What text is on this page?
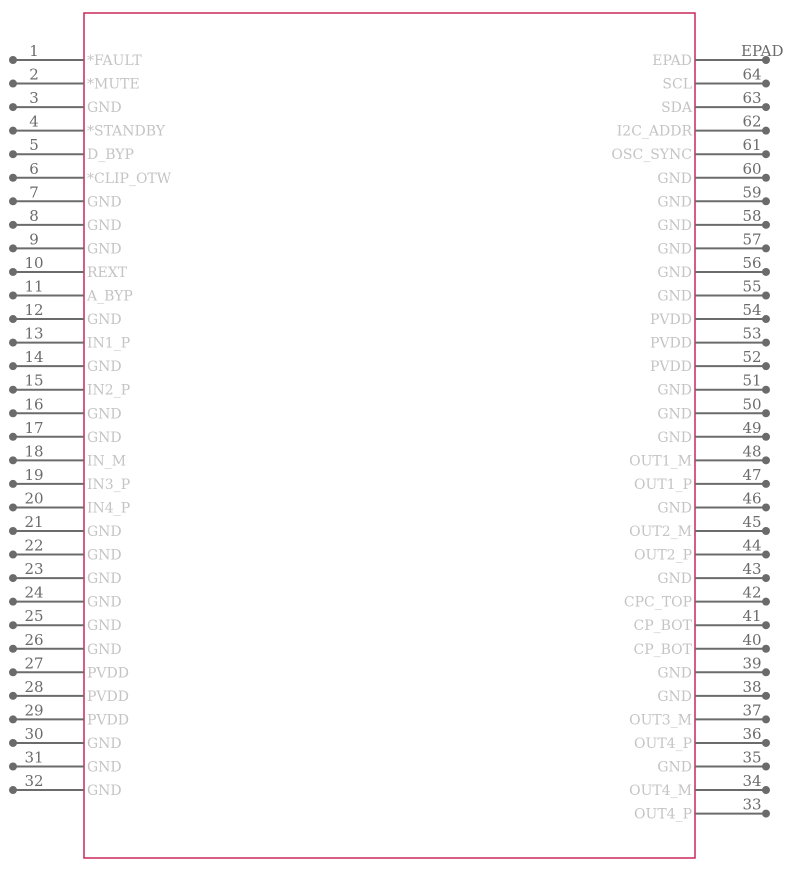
1
*FAULT
2
*MUTE
3
GND
4
*STANDBY
5
D_BYP
6
*CLIP_OTW
7
GND
8
GND
9
GND
10
REXT
11
A_BYP
12
GND
13
IN1_P
14
GND
15
IN2_P
16
GND
17
GND
18
IN_M
19
IN3_P
20
IN4_P
21
GND
22
GND
23
GND
24
GND
25
GND
26
GND
27
PVDD
28
PVDD
29
PVDD
30
GND
31
GND
32
GND
EPAD
EPAD
64
SCL
63
SDA
62
I2C_ADDR
61
OSC_SYNC
60
GND
59
GND
58
GND
57
GND
56
GND
55
GND
54
PVDD
53
PVDD
52
PVDD
51
GND
50
GND
49
GND
48
OUT1_M
47
OUT1_P
46
GND
45
OUT2_M
44
OUT2_P
43
GND
42
CPC_TOP
41
CP_BOT
40
CP_BOT
39
GND
38
GND
37
OUT3_M
36
OUT4_P
35
GND
34
OUT4_M
33
OUT4_P
